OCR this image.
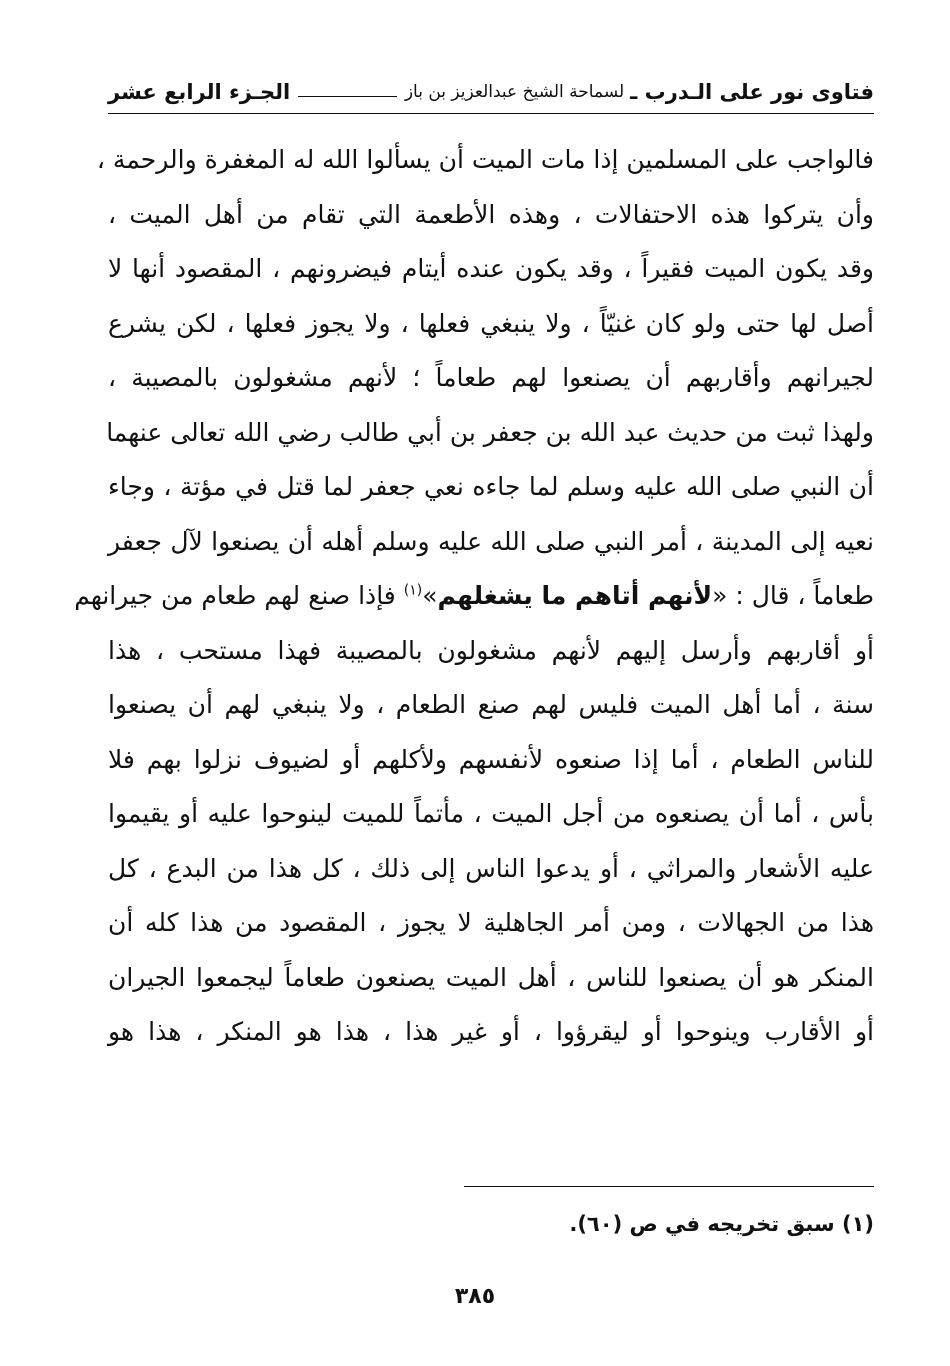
فتاوى نور على الـدرب ـ
لسماحة الشيخ عبدالعزيز بن باز
الجـزء الرابع عشر
فالواجب على المسلمين إذا مات الميت أن يسألوا الله له المغفرة والرحمة ،
وأن يتركوا هذه الاحتفالات ، وهذه الأطعمة التي تقام من أهل الميت ،
وقد يكون الميت فقيراً ، وقد يكون عنده أيتام فيضرونهم ، المقصود أنها لا
أصل لها حتى ولو كان غنيّاً ، ولا ينبغي فعلها ، ولا يجوز فعلها ، لكن يشرع
لجيرانهم وأقاربهم أن يصنعوا لهم طعاماً ؛ لأنهم مشغولون بالمصيبة ،
ولهذا ثبت من حديث عبد الله بن جعفر بن أبي طالب رضي الله تعالى عنهما
أن النبي صلى الله عليه وسلم لما جاءه نعي جعفر لما قتل في مؤتة ، وجاء
نعيه إلى المدينة ، أمر النبي صلى الله عليه وسلم أهله أن يصنعوا لآل جعفر
طعاماً ، قال : «لأنهم أتاهم ما يشغلهم»$^{(١)}$ فإذا صنع لهم طعام من جيرانهم
أو أقاربهم وأرسل إليهم لأنهم مشغولون بالمصيبة فهذا مستحب ، هذا
سنة ، أما أهل الميت فليس لهم صنع الطعام ، ولا ينبغي لهم أن يصنعوا
للناس الطعام ، أما إذا صنعوه لأنفسهم ولأكلهم أو لضيوف نزلوا بهم فلا
بأس ، أما أن يصنعوه من أجل الميت ، مأتماً للميت لينوحوا عليه أو يقيموا
عليه الأشعار والمراثي ، أو يدعوا الناس إلى ذلك ، كل هذا من البدع ، كل
هذا من الجهالات ، ومن أمر الجاهلية لا يجوز ، المقصود من هذا كله أن
المنكر هو أن يصنعوا للناس ، أهل الميت يصنعون طعاماً ليجمعوا الجيران
أو الأقارب وينوحوا أو ليقرؤوا ، أو غير هذا ، هذا هو المنكر ، هذا هو
(١) سبق تخريجه في ص (٦٠).
٣٨٥
